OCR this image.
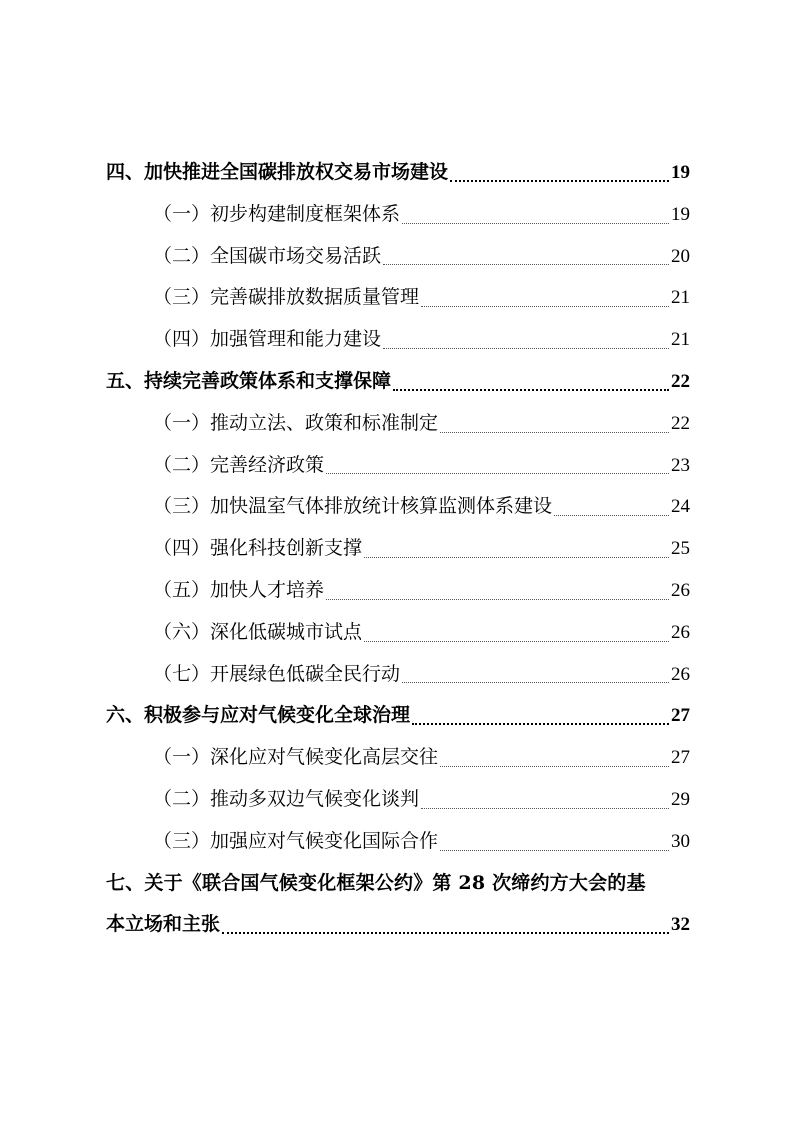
四、加快推进全国碳排放权交易市场建设	19
（一）初步构建制度框架体系	19
（二）全国碳市场交易活跃	20
（三）完善碳排放数据质量管理	21
（四）加强管理和能力建设	21
五、持续完善政策体系和支撑保障	22
（一）推动立法、政策和标准制定	22
（二）完善经济政策	23
（三）加快温室气体排放统计核算监测体系建设	24
（四）强化科技创新支撑	25
（五）加快人才培养	26
（六）深化低碳城市试点	26
（七）开展绿色低碳全民行动	26
六、积极参与应对气候变化全球治理	27
（一）深化应对气候变化高层交往	27
（二）推动多双边气候变化谈判	29
（三）加强应对气候变化国际合作	30
七、关于《联合国气候变化框架公约》第 28 次缔约方大会的基
本立场和主张	32
